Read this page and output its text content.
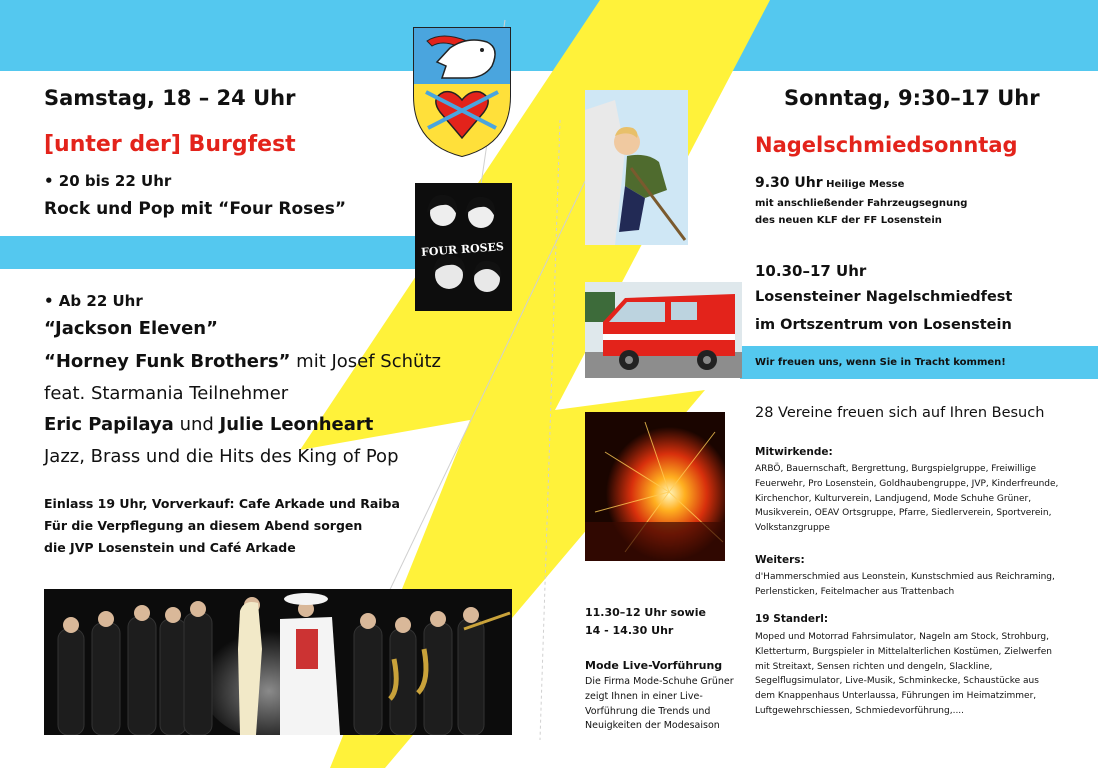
Samstag, 18 – 24 Uhr
[unter der] Burgfest
• 20 bis 22 Uhr
Rock und Pop mit “Four Roses”
FOUR ROSES
• Ab 22 Uhr
“Jackson Eleven”
“Horney Funk Brothers” mit Josef Schütz
feat. Starmania Teilnehmer
Eric Papilaya und Julie Leonheart
Jazz, Brass und die Hits des King of Pop
Einlass 19 Uhr, Vorverkauf: Cafe Arkade und Raiba
Für die Verpflegung an diesem Abend sorgen
die JVP Losenstein und Café Arkade
11.30–12 Uhr sowie
14 - 14.30 Uhr
Mode Live-Vorführung
Die Firma Mode-Schuhe Grüner
zeigt Ihnen in einer Live-
Vorführung die Trends und
Neuigkeiten der Modesaison
Sonntag, 9:30–17 Uhr
Nagelschmiedsonntag
9.30 Uhr Heilige Messe
mit anschließender Fahrzeugsegnung
des neuen KLF der FF Losenstein
10.30–17 Uhr
Losensteiner Nagelschmiedfest
im Ortszentrum von Losenstein
Wir freuen uns, wenn Sie in Tracht kommen!
28 Vereine freuen sich auf Ihren Besuch
Mitwirkende:
ARBÖ, Bauernschaft, Bergrettung, Burgspielgruppe, Freiwillige
Feuerwehr, Pro Losenstein, Goldhaubengruppe, JVP, Kinderfreunde,
Kirchenchor, Kulturverein, Landjugend, Mode Schuhe Grüner,
Musikverein, OEAV Ortsgruppe, Pfarre, Siedlerverein, Sportverein,
Volkstanzgruppe
Weiters:
d'Hammerschmied aus Leonstein, Kunstschmied aus Reichraming,
Perlensticken, Feitelmacher aus Trattenbach
19 Standerl:
Moped und Motorrad Fahrsimulator, Nageln am Stock, Strohburg,
Kletterturm, Burgspieler in Mittelalterlichen Kostümen, Zielwerfen
mit Streitaxt, Sensen richten und dengeln, Slackline,
Segelflugsimulator, Live-Musik, Schminkecke, Schaustücke aus
dem Knappenhaus Unterlaussa, Führungen im Heimatzimmer,
Luftgewehrschiessen, Schmiedevorführung,....
